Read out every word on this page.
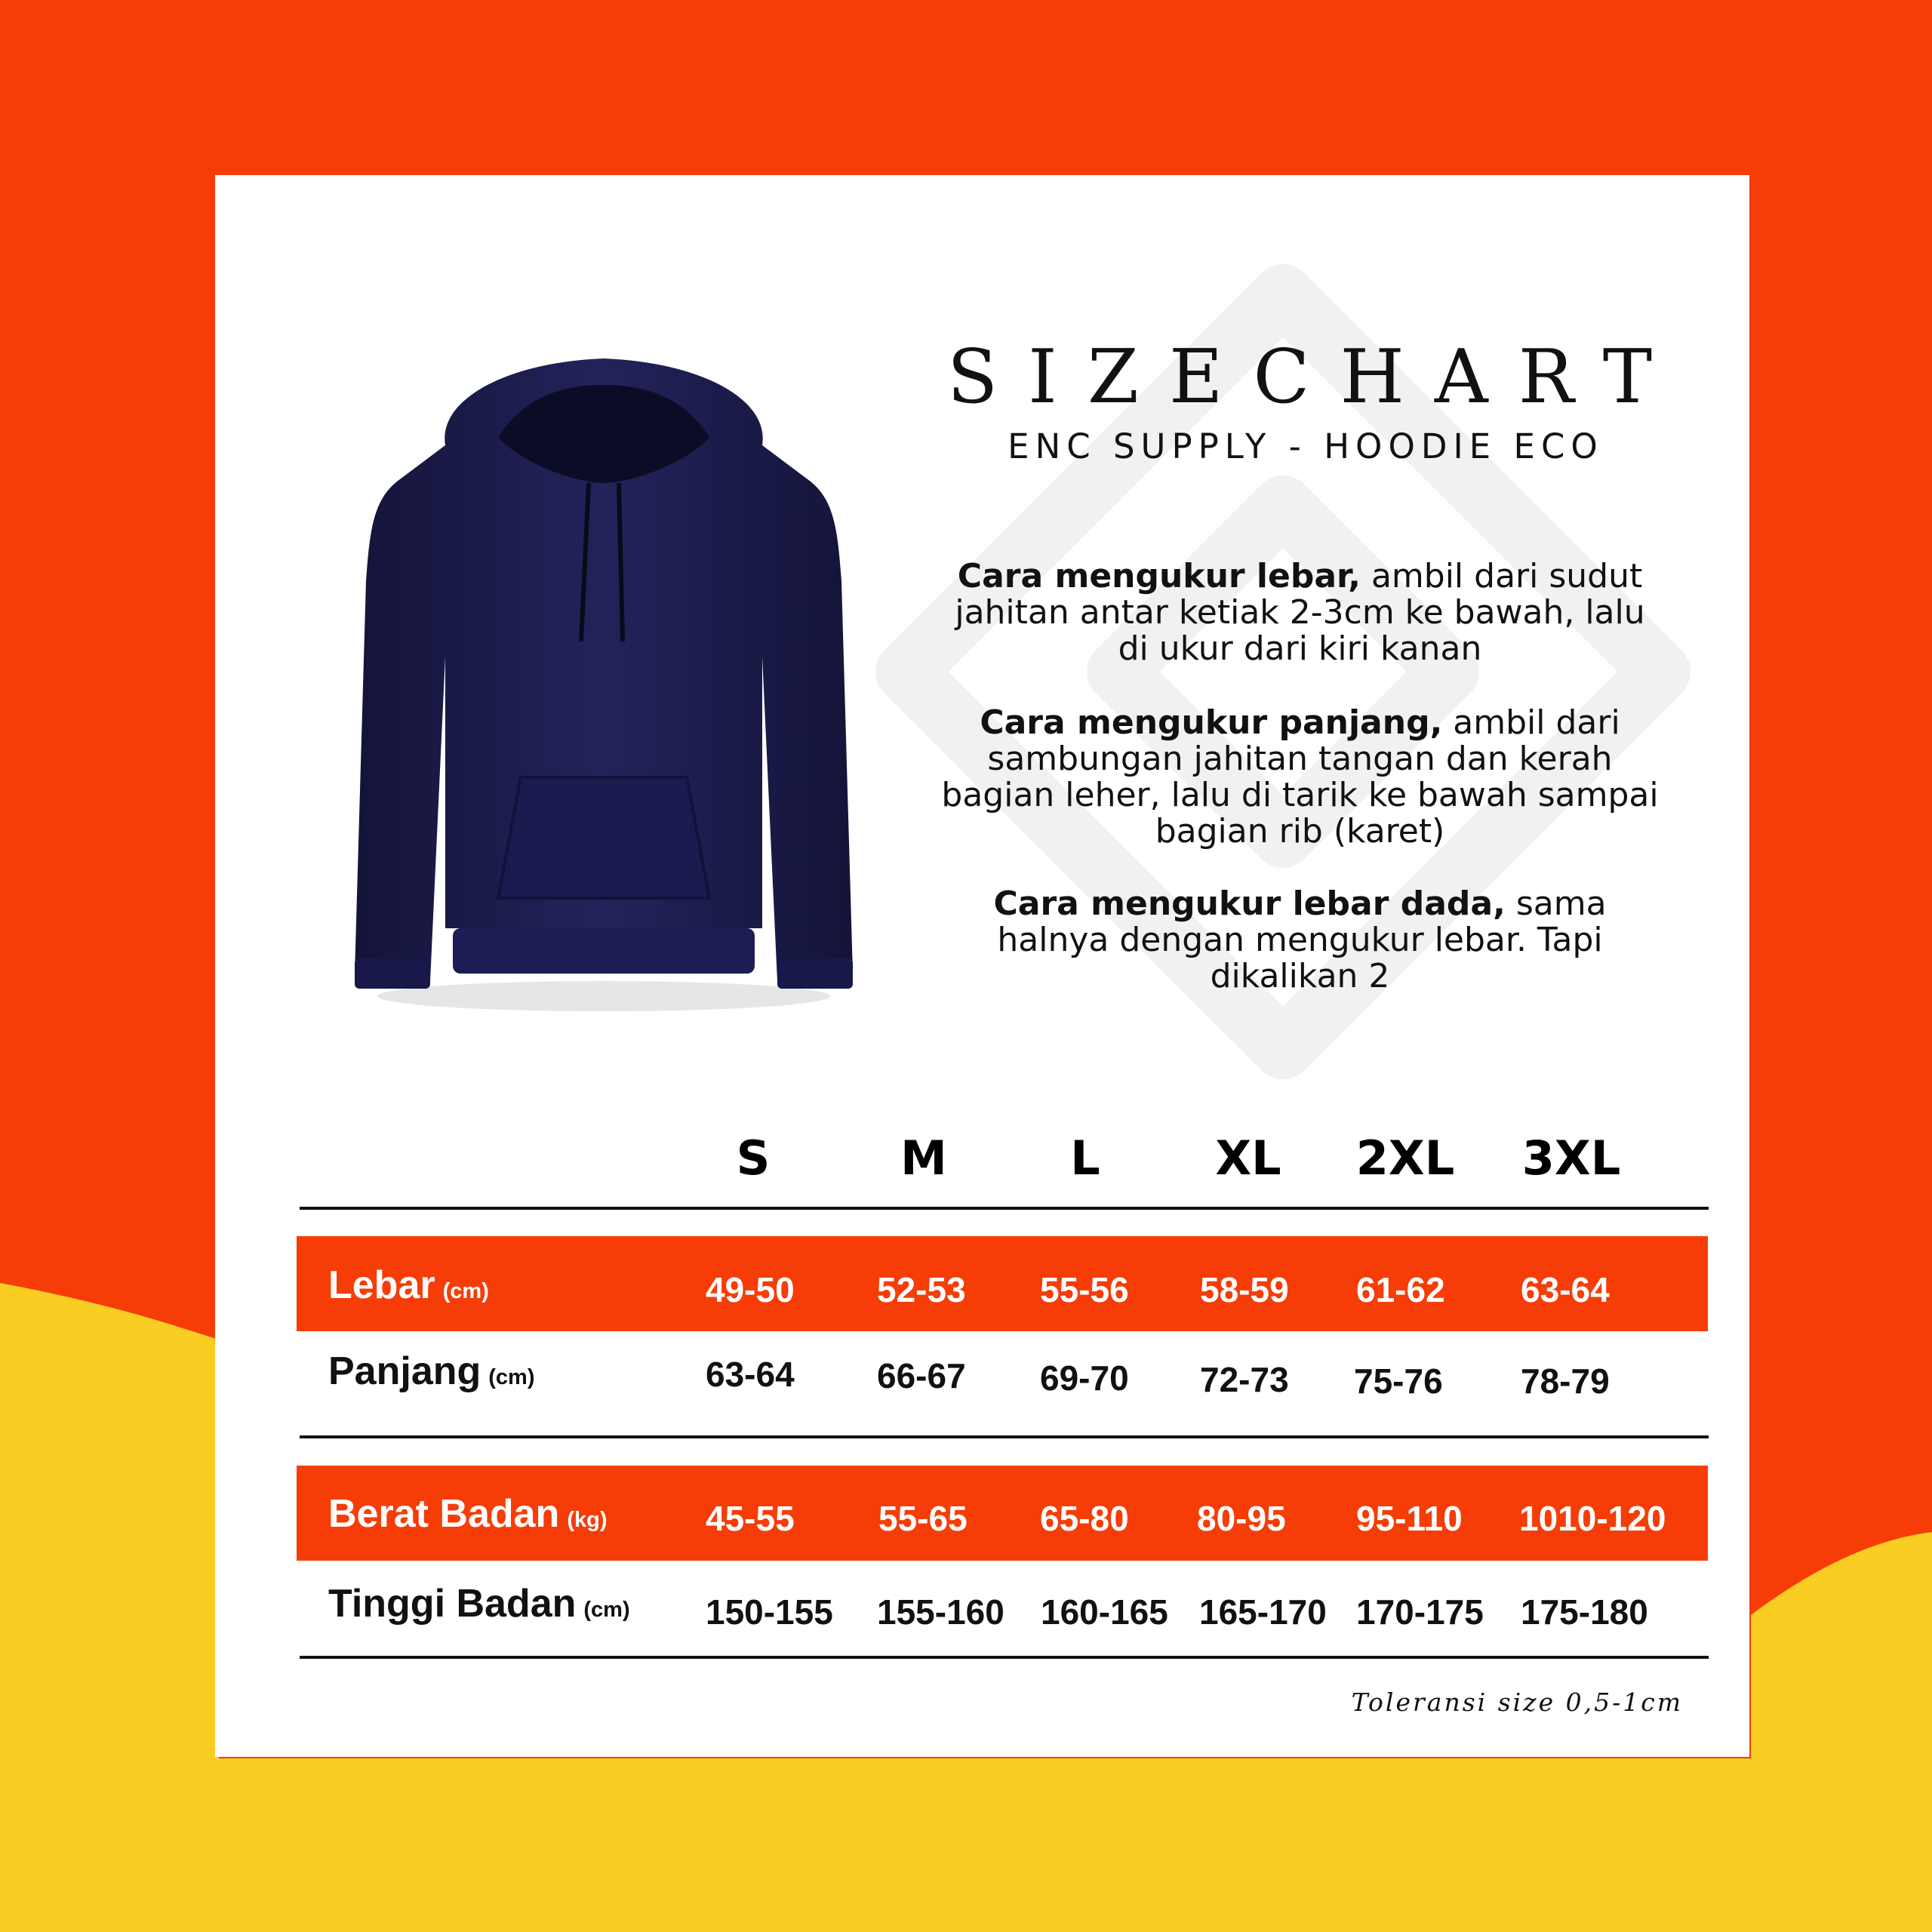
SIZECHART
ENC SUPPLY - HOODIE ECO
Cara mengukur lebar, ambil dari sudut jahitan antar ketiak 2-3cm ke bawah, lalu di ukur dari kiri kanan
Cara mengukur panjang, ambil dari sambungan jahitan tangan dan kerah bagian leher, lalu di tarik ke bawah sampai bagian rib (karet)
Cara mengukur lebar dada, sama halnya dengan mengukur lebar. Tapi dikalikan 2
S	M	L	XL	2XL	3XL
Lebar (cm)	49-50 52-53 55-56 58-59 61-62 63-64
Panjang (cm)	63-64 66-67 69-70 72-73 75-76 78-79
Berat Badan (kg)	45-55 55-65 65-80 80-95 95-110 1010-120
Tinggi Badan (cm) 150-155 155-160 160-165 165-170 170-175 175-180
Toleransi size 0,5-1cm
